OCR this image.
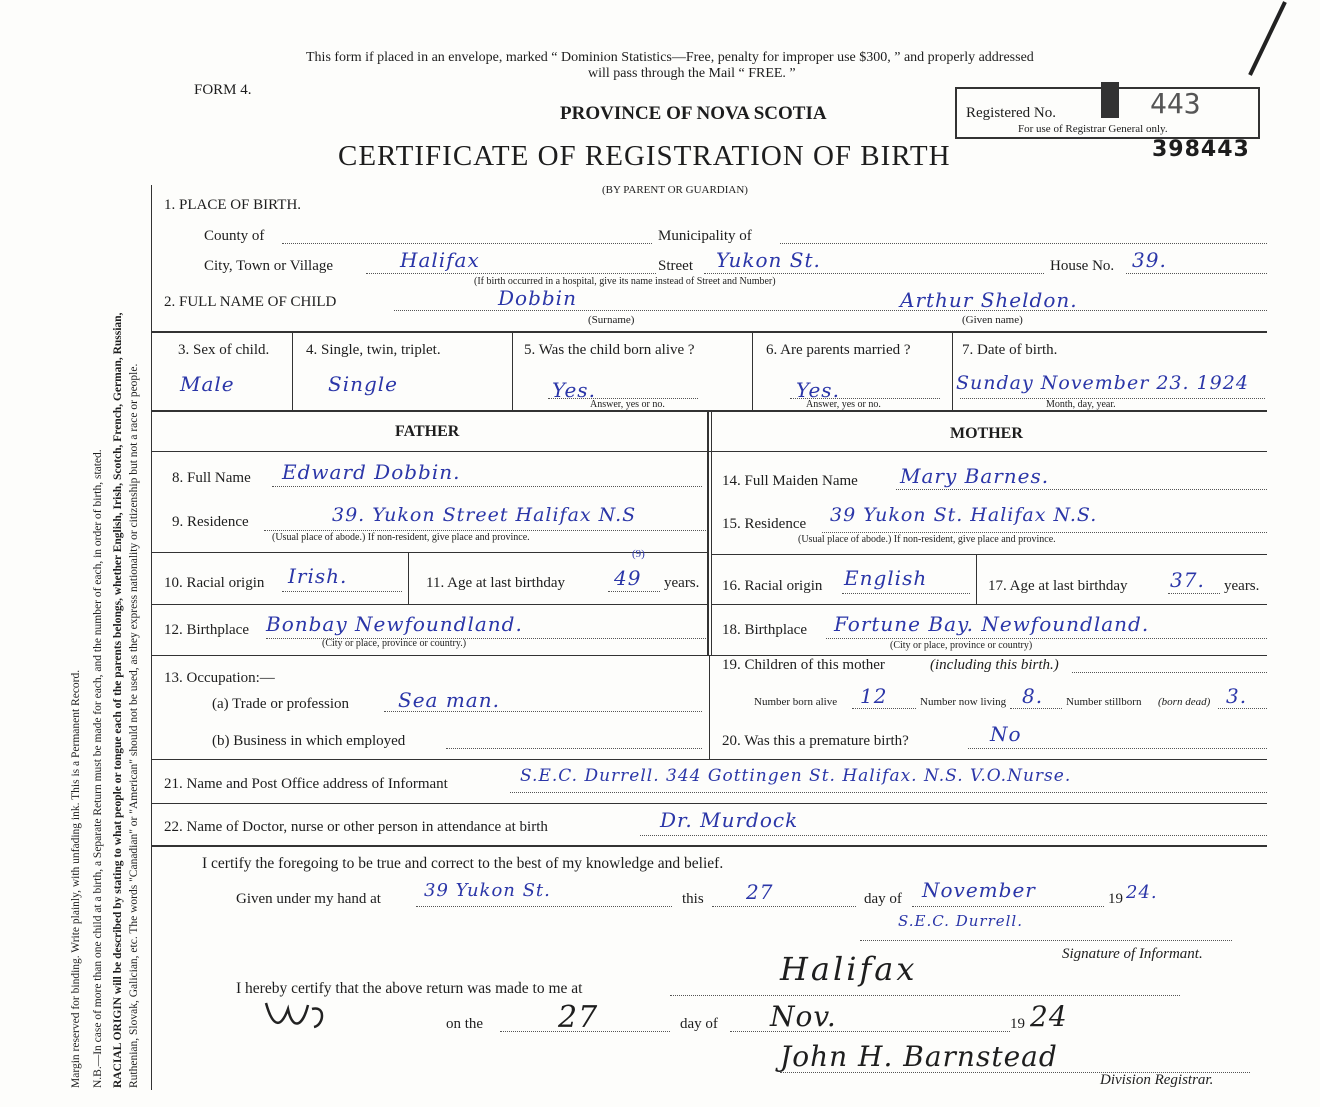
Margin reserved for binding. Write plainly, with unfading ink. This is a Permanent Record. N.B.—In case of more than one child at a birth, a Separate Return must be made for each, and the number of each, in order of birth, stated. RACIAL ORIGIN will be described by stating to what people or tongue each of the parents belongs, whether English, Irish, Scotch, French, German, Russian, Ruthenian, Slovak, Galician, etc. The words "Canadian" or "American" should not be used, as they express nationality or citizenship but not a race or people.
This form if placed in an envelope, marked “ Dominion Statistics—Free, penalty for improper use $300, ” and properly addressed
will pass through the Mail “ FREE. ”
FORM 4.
PROVINCE OF NOVA SCOTIA
CERTIFICATE OF REGISTRATION OF BIRTH
(BY PARENT OR GUARDIAN)
Registered No.	443
For use of Registrar General only.
398443
1. PLACE OF BIRTH.
County of	Municipality of
City, Town or Village	Halifax	Street Yukon St.	House No. 39.
(If birth occurred in a hospital, give its name instead of Street and Number)
2. FULL NAME OF CHILD	Dobbin
(Surname)
Arthur Sheldon.
(Given name)
3. Sex of child.
Male
4. Single, twin, triplet.
Single
5. Was the child born alive ?
Yes.
Answer, yes or no.
6. Are parents married ?
Yes.
Answer, yes or no.
7. Date of birth.
Sunday November 23. 1924
Month, day, year.
FATHER	MOTHER
8. Full Name Edward Dobbin.
9. Residence	39. Yukon Street Halifax N.S
(Usual place of abode.) If non-resident, give place and province.
10. Racial origin Irish.	11. Age at last birthday 49
(9)
years.
12. Birthplace Bonbay Newfoundland.
(City or place, province or country.)
14. Full Maiden Name Mary Barnes.
15. Residence 39 Yukon St. Halifax N.S.
(Usual place of abode.) If non-resident, give place and province.
16. Racial origin English	17. Age at last birthday 37. years.
18. Birthplace Fortune Bay. Newfoundland.
(City or place, province or country)
13. Occupation:—
(a) Trade or profession Sea man.
(b) Business in which employed
19. Children of this mother	(including this birth.)
Number born alive 12	Number now living 8. Number stillborn (born dead) 3.
20. Was this a premature birth?	No
21. Name and Post Office address of Informant	S.E.C. Durrell. 344 Gottingen St. Halifax. N.S. V.O.Nurse.
22. Name of Doctor, nurse or other person in attendance at birth	Dr. Murdock
I certify the foregoing to be true and correct to the best of my knowledge and belief.
Given under my hand at 39 Yukon St.	this 27	day of November	19 24.
S.E.C. Durrell.
Signature of Informant.
I hereby certify that the above return was made to me at
Halifax
on the 27	day of Nov.	19 24
John H. Barnstead
Division Registrar.
